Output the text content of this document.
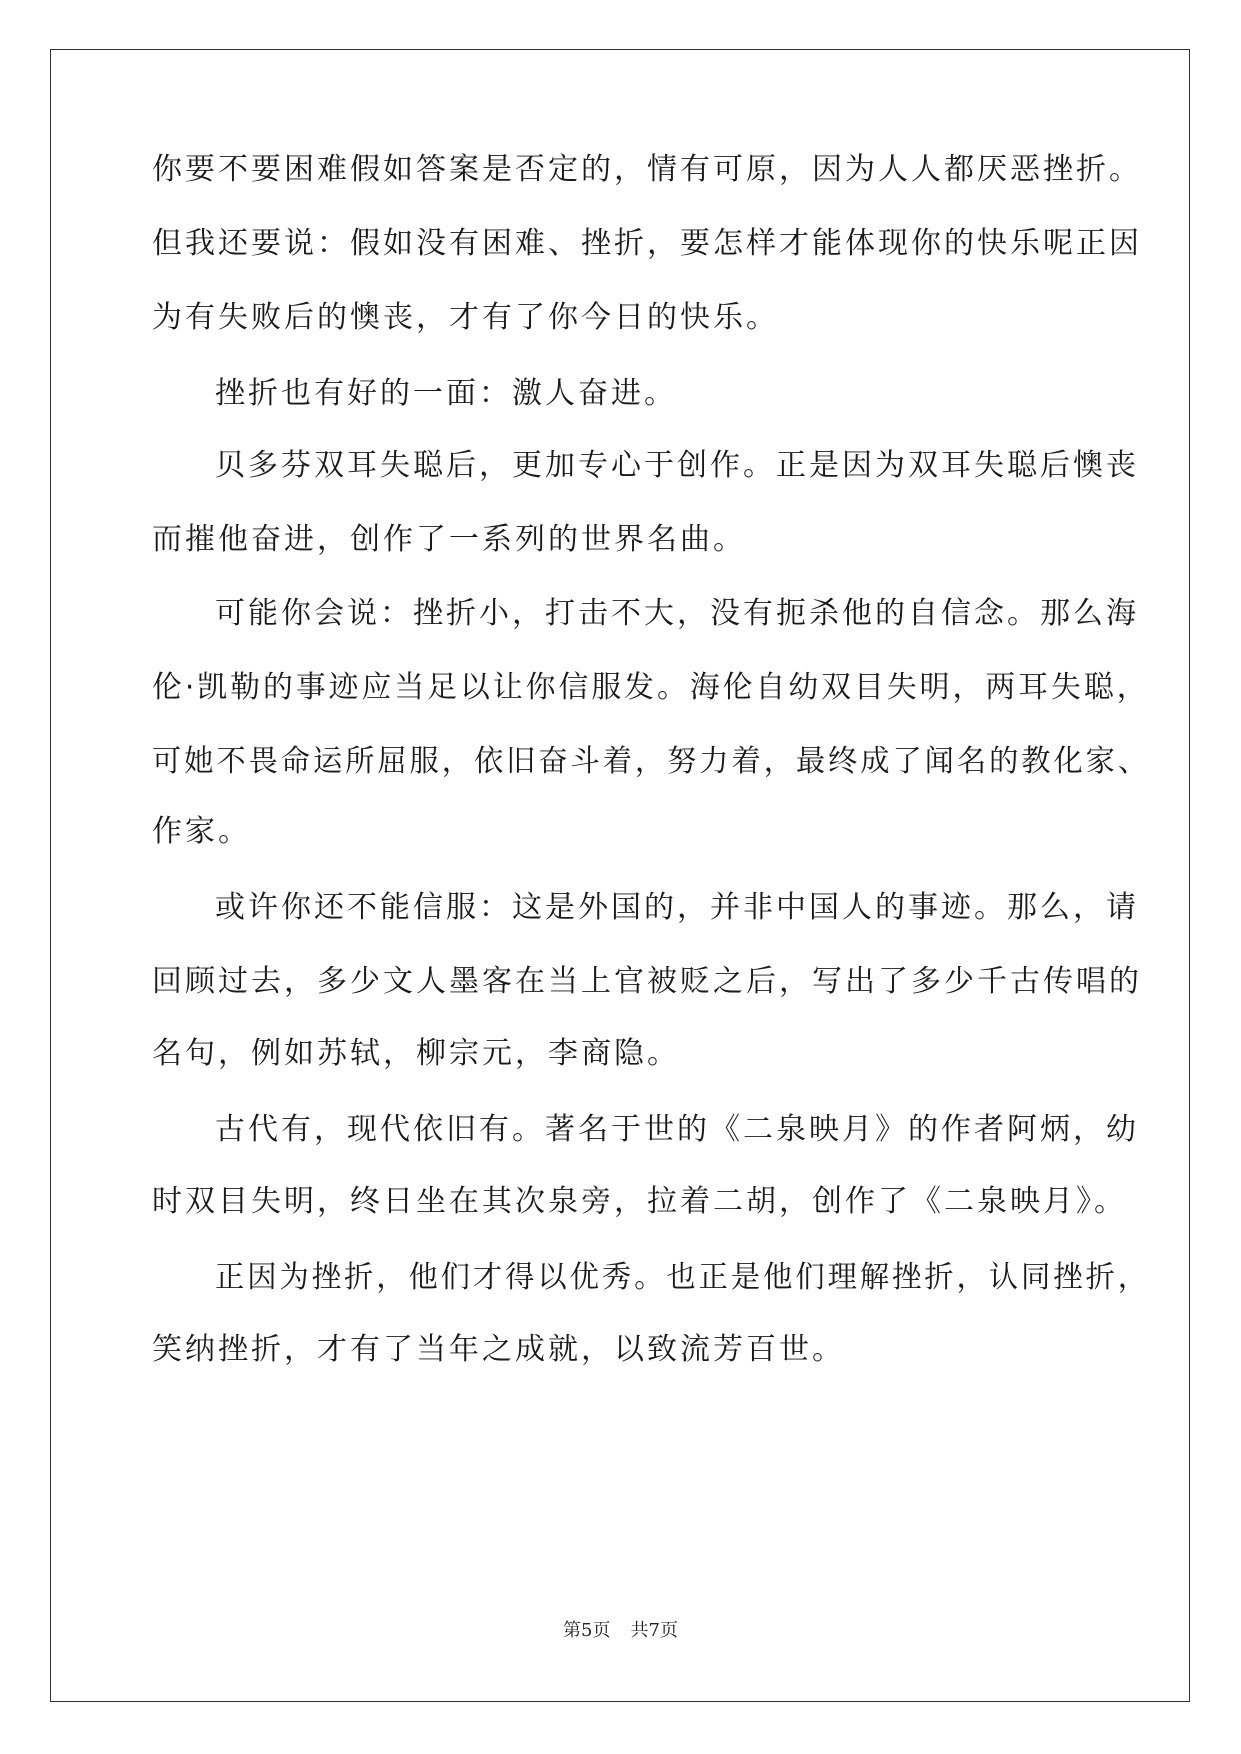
你要不要困难假如答案是否定的，情有可原，因为人人都厌恶挫折。

但我还要说：假如没有困难、挫折，要怎样才能体现你的快乐呢正因

为有失败后的懊丧，才有了你今日的快乐。

挫折也有好的一面：激人奋进。

贝多芬双耳失聪后，更加专心于创作。正是因为双耳失聪后懊丧

而摧他奋进，创作了一系列的世界名曲。

可能你会说：挫折小，打击不大，没有扼杀他的自信念。那么海

伦·凯勒的事迹应当足以让你信服发。海伦自幼双目失明，两耳失聪，

可她不畏命运所屈服，依旧奋斗着，努力着，最终成了闻名的教化家、

作家。

或许你还不能信服：这是外国的，并非中国人的事迹。那么，请

回顾过去，多少文人墨客在当上官被贬之后，写出了多少千古传唱的

名句，例如苏轼，柳宗元，李商隐。

古代有，现代依旧有。著名于世的《二泉映月》的作者阿炳，幼

时双目失明，终日坐在其次泉旁，拉着二胡，创作了《二泉映月》。

正因为挫折，他们才得以优秀。也正是他们理解挫折，认同挫折，

笑纳挫折，才有了当年之成就，以致流芳百世。

第5页 共7页
